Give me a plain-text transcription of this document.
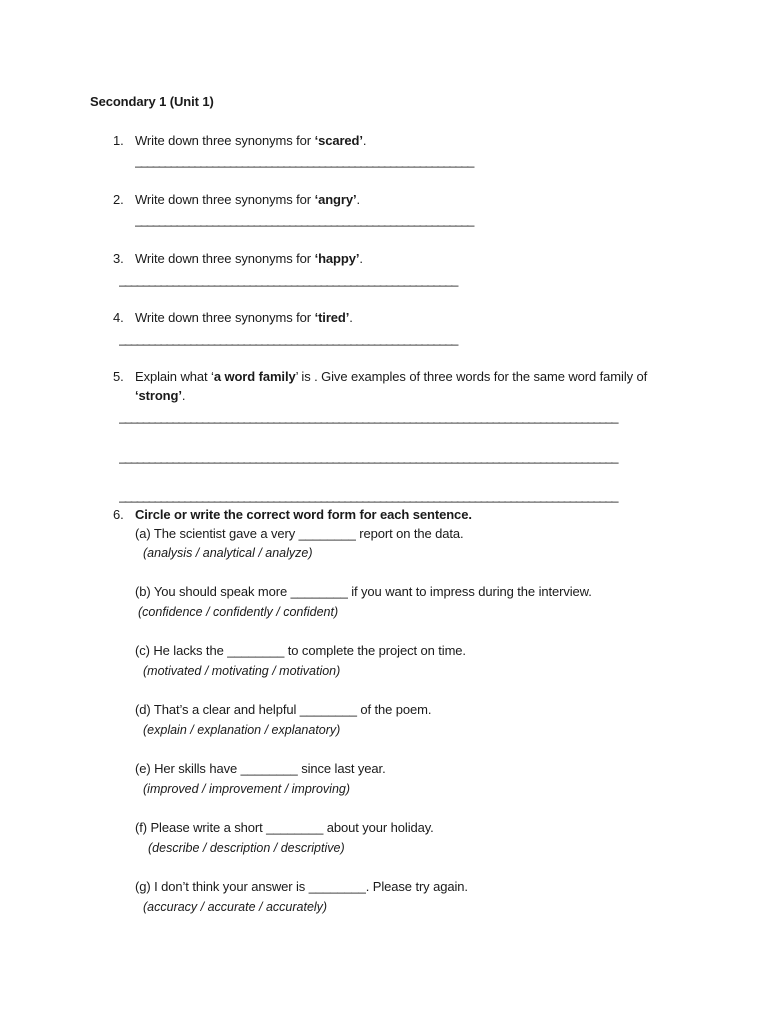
Secondary 1 (Unit 1)
1. Write down three synonyms for ‘scared’.
_________________________________________________________
2. Write down three synonyms for ‘angry’.
_________________________________________________________
3. Write down three synonyms for ‘happy’.
_________________________________________________________
4. Write down three synonyms for ‘tired’.
_________________________________________________________
5. Explain what ‘a word family’ is . Give examples of three words for the same word family of
‘strong’.
____________________________________________________________________________________
____________________________________________________________________________________
____________________________________________________________________________________
6. Circle or write the correct word form for each sentence.
(a) The scientist gave a very ________ report on the data.
(analysis / analytical / analyze)
(b) You should speak more ________ if you want to impress during the interview.
(confidence / confidently / confident)
(c) He lacks the ________ to complete the project on time.
(motivated / motivating / motivation)
(d) That’s a clear and helpful ________ of the poem.
(explain / explanation / explanatory)
(e) Her skills have ________ since last year.
(improved / improvement / improving)
(f) Please write a short ________ about your holiday.
(describe / description / descriptive)
(g) I don’t think your answer is ________. Please try again.
(accuracy / accurate / accurately)
